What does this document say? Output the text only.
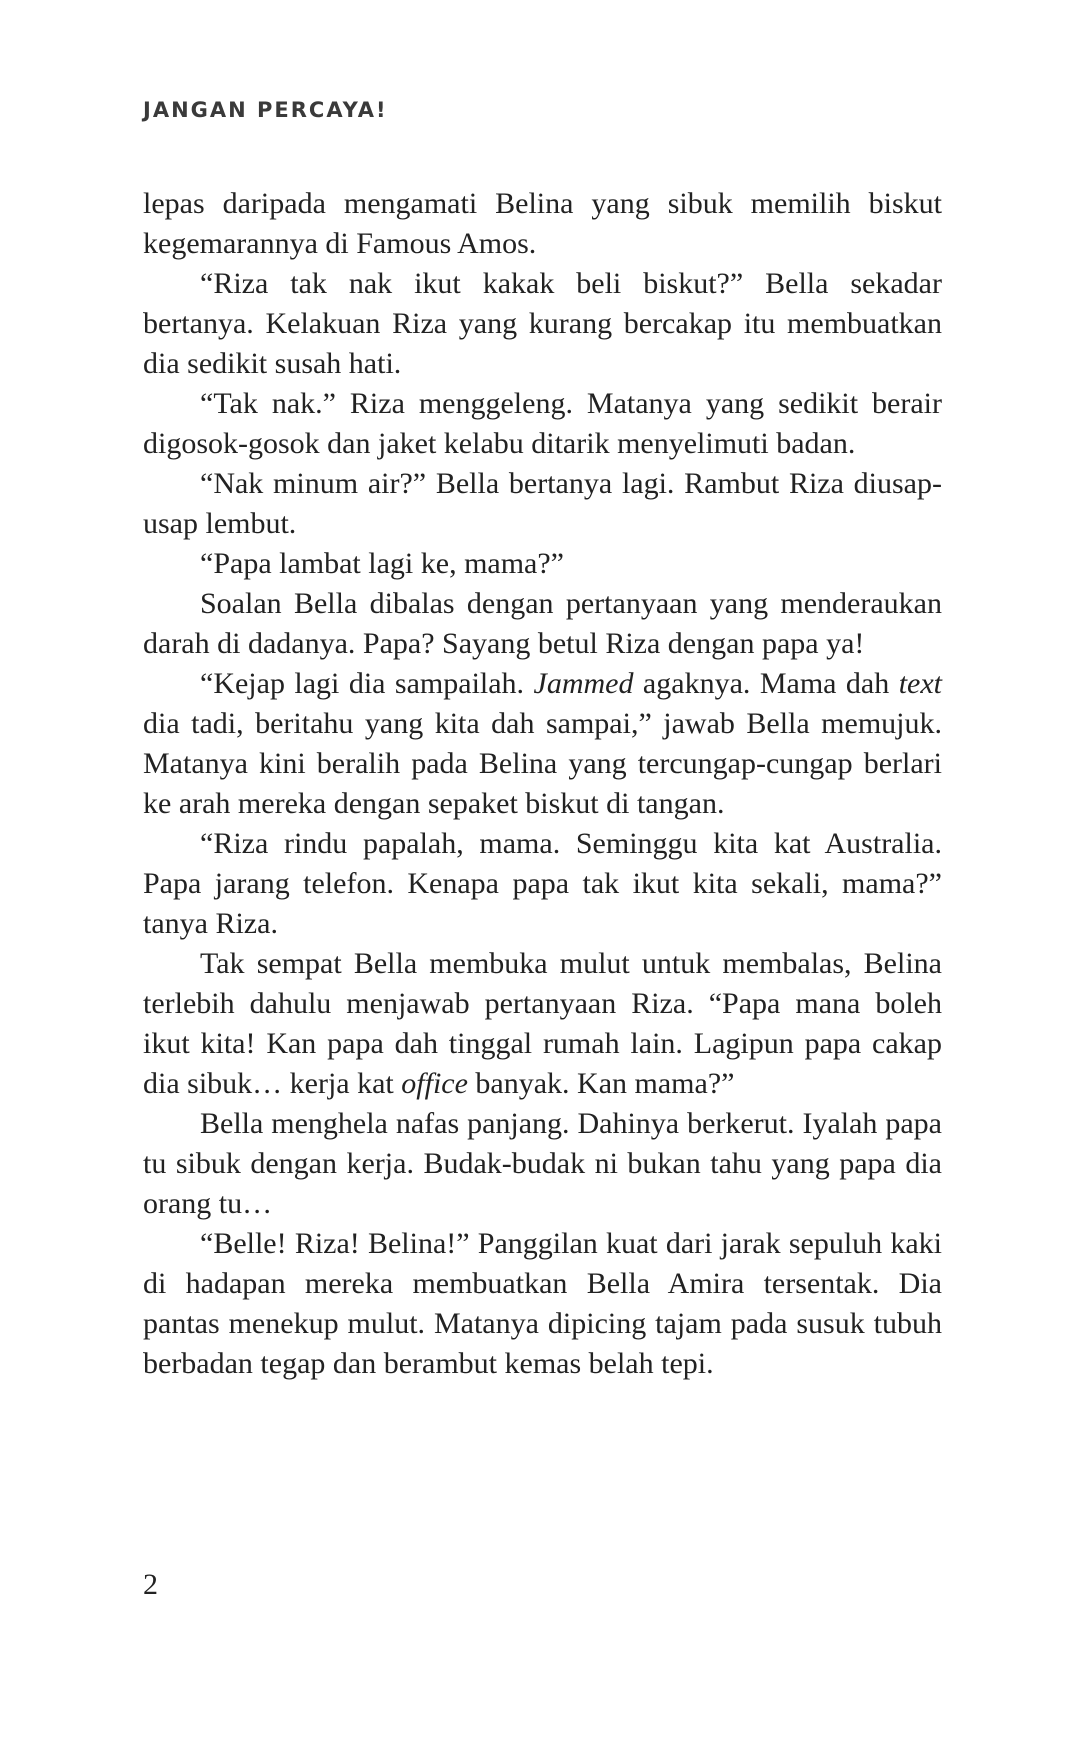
JANGAN PERCAYA!

lepas daripada mengamati Belina yang sibuk memilih biskut kegemarannya di Famous Amos.

“Riza tak nak ikut kakak beli biskut?” Bella sekadar bertanya. Kelakuan Riza yang kurang bercakap itu membuatkan dia sedikit susah hati.

“Tak nak.” Riza menggeleng. Matanya yang sedikit berair digosok-gosok dan jaket kelabu ditarik menyelimuti badan.

“Nak minum air?” Bella bertanya lagi. Rambut Riza diusap-usap lembut.

“Papa lambat lagi ke, mama?”

Soalan Bella dibalas dengan pertanyaan yang menderaukan darah di dadanya. Papa? Sayang betul Riza dengan papa ya!

“Kejap lagi dia sampailah. Jammed agaknya. Mama dah text dia tadi, beritahu yang kita dah sampai,” jawab Bella memujuk. Matanya kini beralih pada Belina yang tercungap-cungap berlari ke arah mereka dengan sepaket biskut di tangan.

“Riza rindu papalah, mama. Seminggu kita kat Australia. Papa jarang telefon. Kenapa papa tak ikut kita sekali, mama?” tanya Riza.

Tak sempat Bella membuka mulut untuk membalas, Belina terlebih dahulu menjawab pertanyaan Riza. “Papa mana boleh ikut kita! Kan papa dah tinggal rumah lain. Lagipun papa cakap dia sibuk… kerja kat office banyak. Kan mama?”

Bella menghela nafas panjang. Dahinya berkerut. Iyalah papa tu sibuk dengan kerja. Budak-budak ni bukan tahu yang papa dia orang tu…

“Belle! Riza! Belina!” Panggilan kuat dari jarak sepuluh kaki di hadapan mereka membuatkan Bella Amira tersentak. Dia pantas menekup mulut. Matanya dipicing tajam pada susuk tubuh berbadan tegap dan berambut kemas belah tepi.

2
